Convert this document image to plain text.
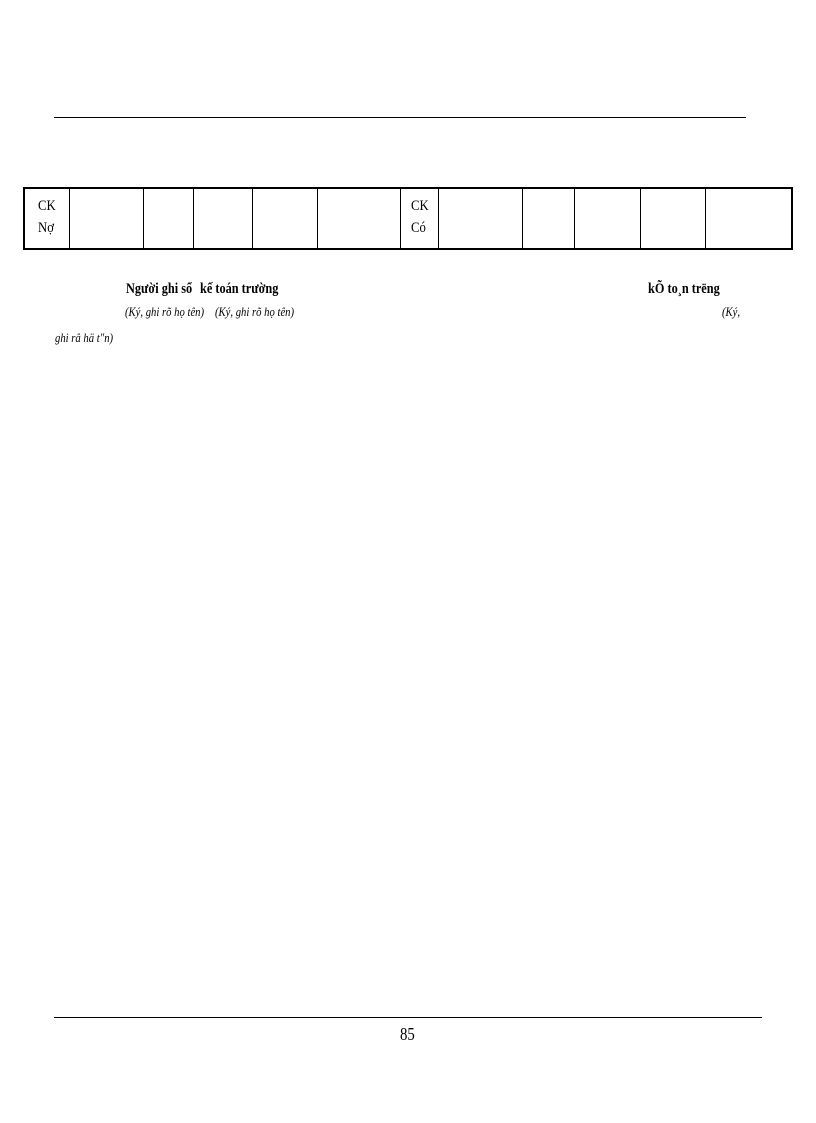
CK
Nợ
CK
Có
Người ghi sổ kế toán trường	kÕ to¸n trëng
(Ký, ghi rõ họ tên) (Ký, ghi rõ họ tên)	(Ký,
ghi râ hä t"n)
85
